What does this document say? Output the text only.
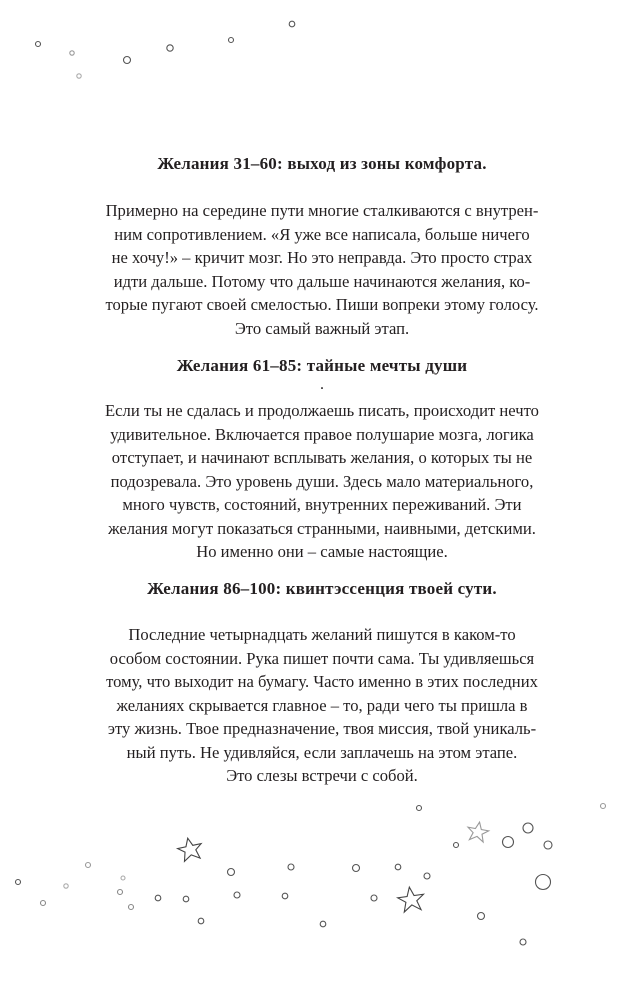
Желания 31–60: выход из зоны комфорта.
Примерно на середине пути многие сталкиваются с внутрен-
ним сопротивлением. «Я уже все написала, больше ничего
не хочу!» – кричит мозг. Но это неправда. Это просто страх
идти дальше. Потому что дальше начинаются желания, ко-
торые пугают своей смелостью. Пиши вопреки этому голосу.
Это самый важный этап.
Желания 61–85: тайные мечты души
.
Если ты не сдалась и продолжаешь писать, происходит нечто
удивительное. Включается правое полушарие мозга, логика
отступает, и начинают всплывать желания, о которых ты не
подозревала. Это уровень души. Здесь мало материального,
много чувств, состояний, внутренних переживаний. Эти
желания могут показаться странными, наивными, детскими.
Но именно они – самые настоящие.
Желания 86–100: квинтэссенция твоей сути.
Последние четырнадцать желаний пишутся в каком-то
особом состоянии. Рука пишет почти сама. Ты удивляешься
тому, что выходит на бумагу. Часто именно в этих последних
желаниях скрывается главное – то, ради чего ты пришла в
эту жизнь. Твое предназначение, твоя миссия, твой уникаль-
ный путь. Не удивляйся, если заплачешь на этом этапе.
Это слезы встречи с собой.
